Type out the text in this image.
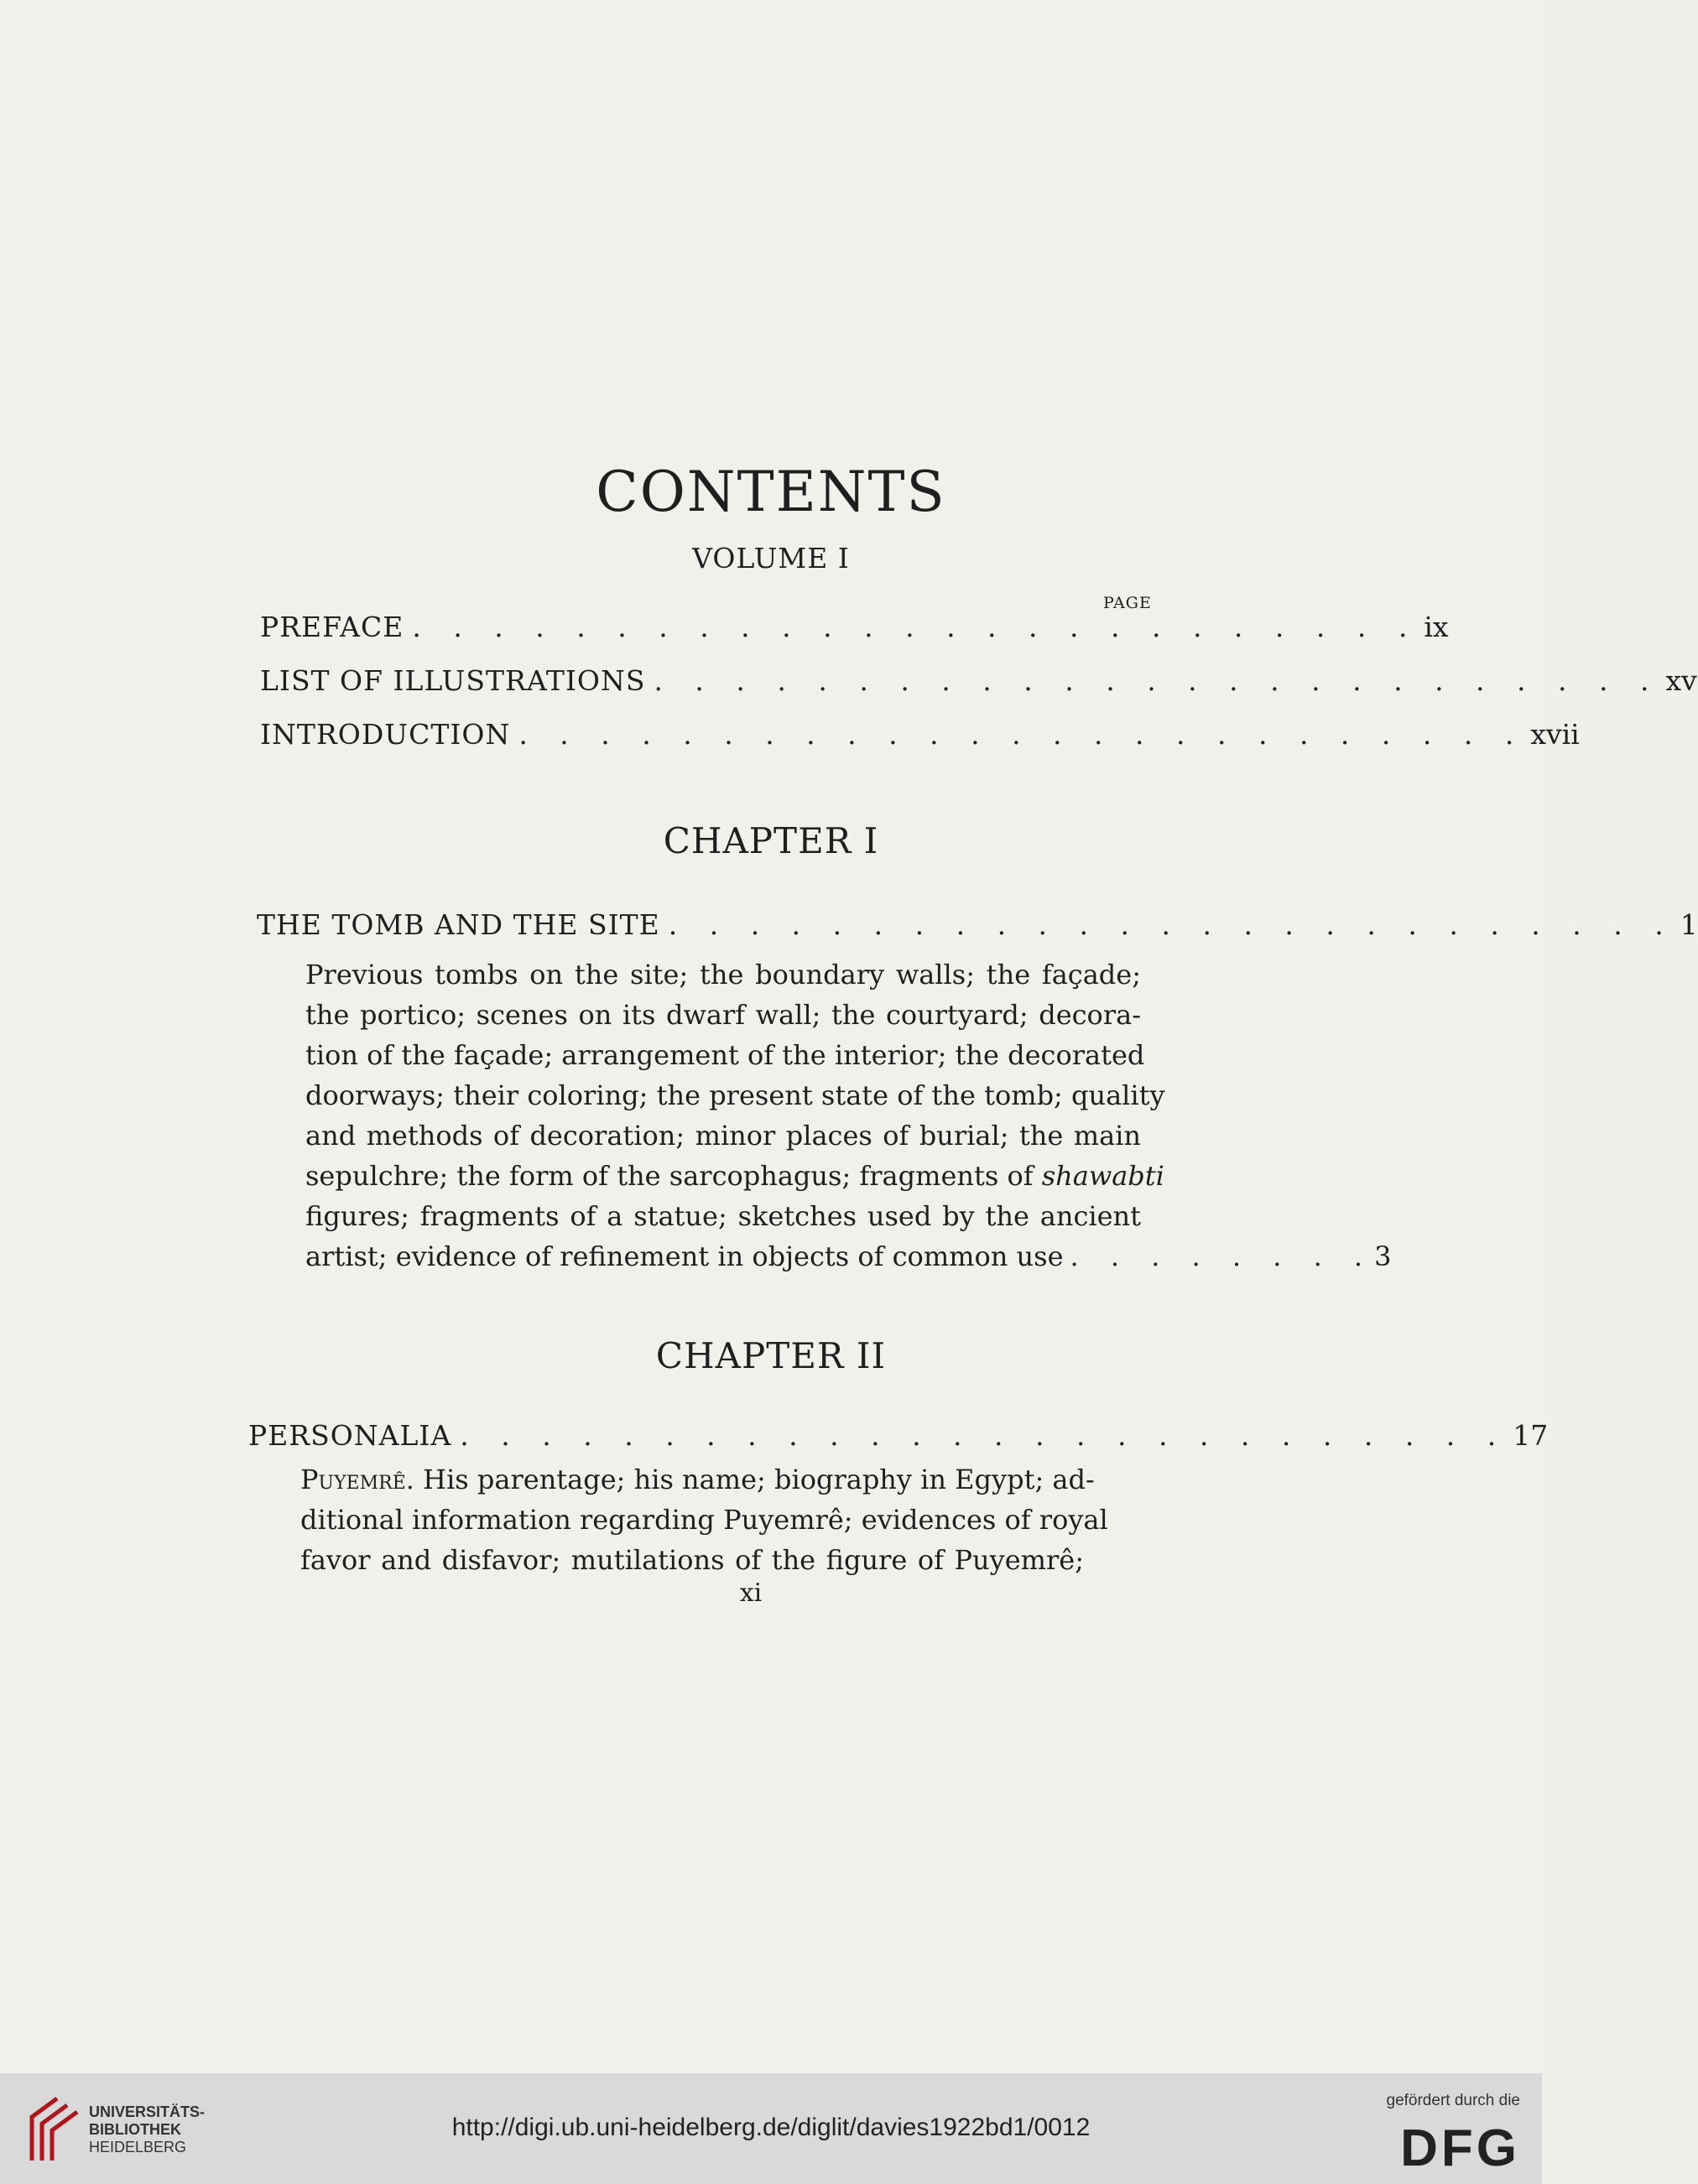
CONTENTS
VOLUME I
PAGE
PREFACE . . . . . . . . . . . . . . . . . . . . . . . . . ix
LIST OF ILLUSTRATIONS . . . . . . . . . . . . . . . . . . . . . . . . . xv
INTRODUCTION . . . . . . . . . . . . . . . . . . . . . . . . . xvii
CHAPTER I
THE TOMB AND THE SITE . . . . . . . . . . . . . . . . . . . . . . . . . 1
Previous tombs on the site; the boundary walls; the façade;
the portico; scenes on its dwarf wall; the courtyard; decora-
tion of the façade; arrangement of the interior; the decorated
doorways; their coloring; the present state of the tomb; quality
and methods of decoration; minor places of burial; the main
sepulchre; the form of the sarcophagus; fragments of shawabti
figures; fragments of a statue; sketches used by the ancient
artist; evidence of refinement in objects of common use . . . . . . . . 3
CHAPTER II
PERSONALIA . . . . . . . . . . . . . . . . . . . . . . . . . . 17
Puyemrê. His parentage; his name; biography in Egypt; ad-
ditional information regarding Puyemrê; evidences of royal
favor and disfavor; mutilations of the figure of Puyemrê;
xi
UNIVERSITÄTS-
BIBLIOTHEK
HEIDELBERG
http://digi.ub.uni-heidelberg.de/diglit/davies1922bd1/0012
gefördert durch die
DFG
